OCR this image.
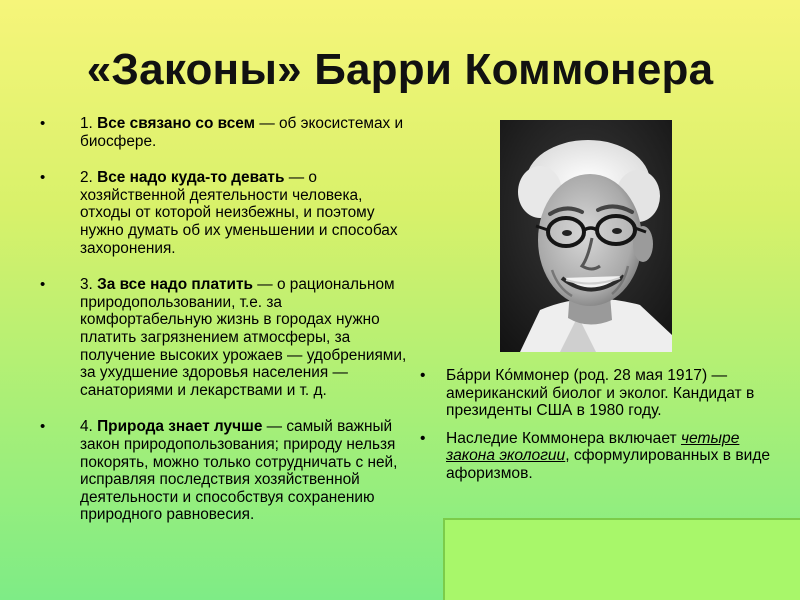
«Законы» Барри Коммонера
• 1. Все связано со всем — об экосистемах и биосфере.
• 2. Все надо куда-то девать — о хозяйственной деятельности человека, отходы от которой неизбежны, и поэтому нужно думать об их уменьшении и способах захоронения.
• 3. За все надо платить — о рациональном природопользовании, т.е. за комфортабельную жизнь в городах нужно платить загрязнением атмосферы, за получение высоких урожаев — удобрениями, за ухудшение здоровья населения — санаториями и лекарствами и т. д.
• 4. Природа знает лучше — самый важный закон природопользования; природу нельзя покорять, можно только сотрудничать с ней, исправляя последствия хозяйственной деятельности и способствуя сохранению природного равновесия.
• Ба́рри Ко́ммонер (род. 28 мая 1917) — американский биолог и эколог. Кандидат в президенты США в 1980 году.
• Наследие Коммонера включает четыре закона экологии, сформулированных в виде афоризмов.
